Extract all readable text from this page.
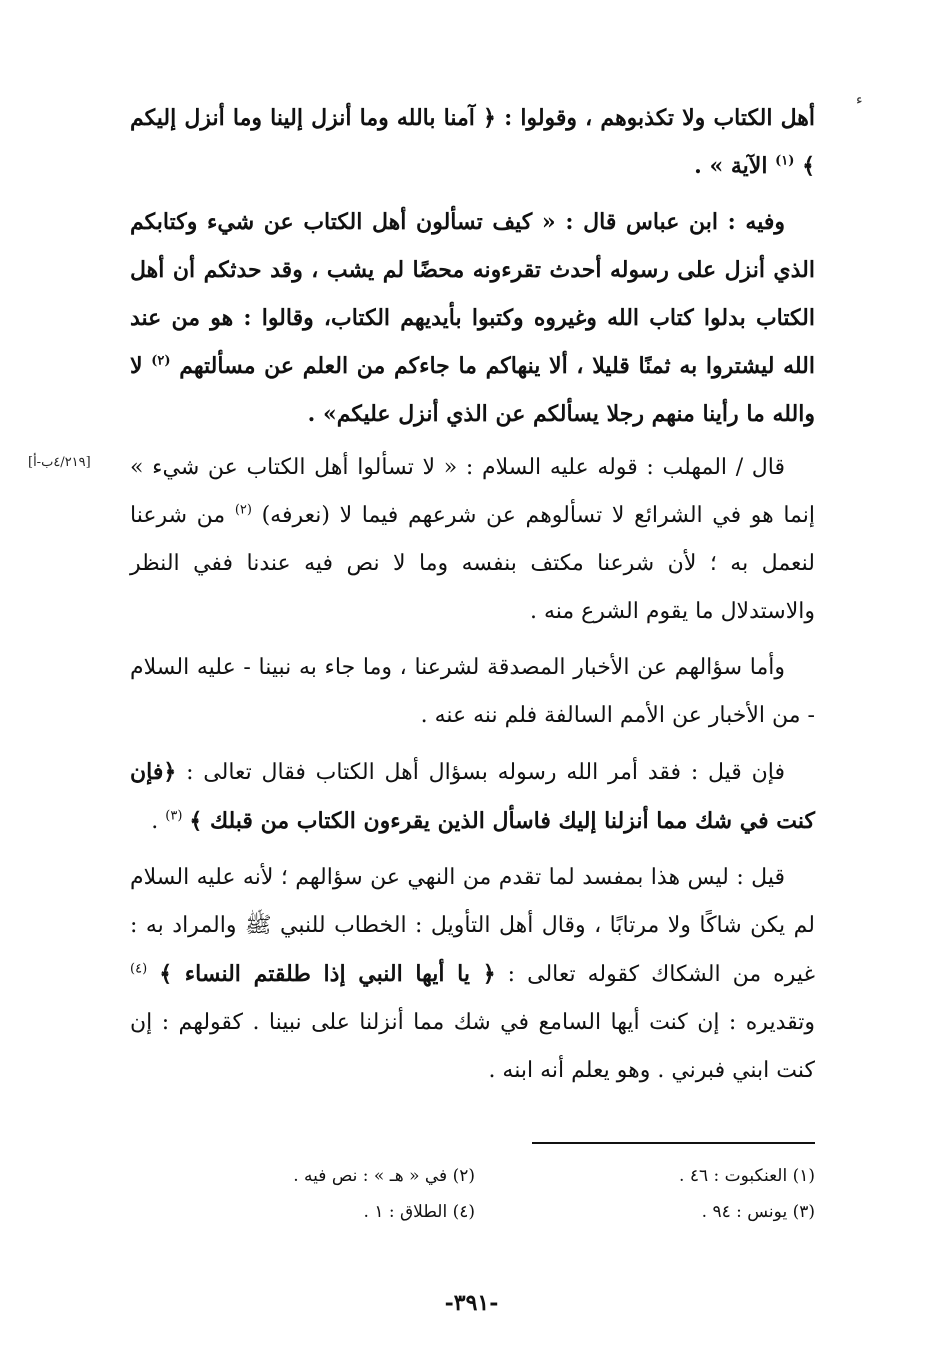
ء

أهل الكتاب ولا تكذبوهم ، وقولوا : ﴿ آمنا بالله وما أنزل إلينا وما أنزل إليكم ﴾ $^{(١)}$ الآية » .

وفيه : ابن عباس قال : « كيف تسألون أهل الكتاب عن شيء وكتابكم الذي أنزل على رسوله أحدث تقرءونه محضًا لم يشب ، وقد حدثكم أن أهل الكتاب بدلوا كتاب الله وغيروه وكتبوا بأيديهم الكتاب، وقالوا : هو من عند الله ليشتروا به ثمنًا قليلا ، ألا ينهاكم ما جاءكم من العلم عن مسألتهم $^{(٢)}$ لا والله ما رأينا منهم رجلا يسألكم عن الذي أنزل عليكم» .

قال / المهلب : قوله عليه السلام : « لا تسألوا أهل الكتاب عن شيء » إنما هو في الشرائع لا تسألوهم عن شرعهم فيما لا (نعرفه) $^{(٢)}$ من شرعنا لنعمل به ؛ لأن شرعنا مكتف بنفسه وما لا نص فيه عندنا ففي النظر والاستدلال ما يقوم الشرع منه .

وأما سؤالهم عن الأخبار المصدقة لشرعنا ، وما جاء به نبينا - عليه السلام - من الأخبار عن الأمم السالفة فلم ننه عنه .

فإن قيل : فقد أمر الله رسوله بسؤال أهل الكتاب فقال تعالى : ﴿فإن كنت في شك مما أنزلنا إليك فاسأل الذين يقرءون الكتاب من قبلك ﴾ $^{(٣)}$ .

قيل : ليس هذا بمفسد لما تقدم من النهي عن سؤالهم ؛ لأنه عليه السلام لم يكن شاكًا ولا مرتابًا ، وقال أهل التأويل : الخطاب للنبي ﷺ والمراد به : غيره من الشكاك كقوله تعالى : ﴿ يا أيها النبي إذا طلقتم النساء ﴾ $^{(٤)}$ وتقديره : إن كنت أيها السامع في شك مما أنزلنا على نبينا . كقولهم : إن كنت ابني فبرني . وهو يعلم أنه ابنه .

[٤/٢١٩ب-أ]
(١) العنكبوت : ٤٦ .
(٢) في « هـ » : نص فيه .
(٣) يونس : ٩٤ .
(٤) الطلاق : ١ .
-٣٩١-
